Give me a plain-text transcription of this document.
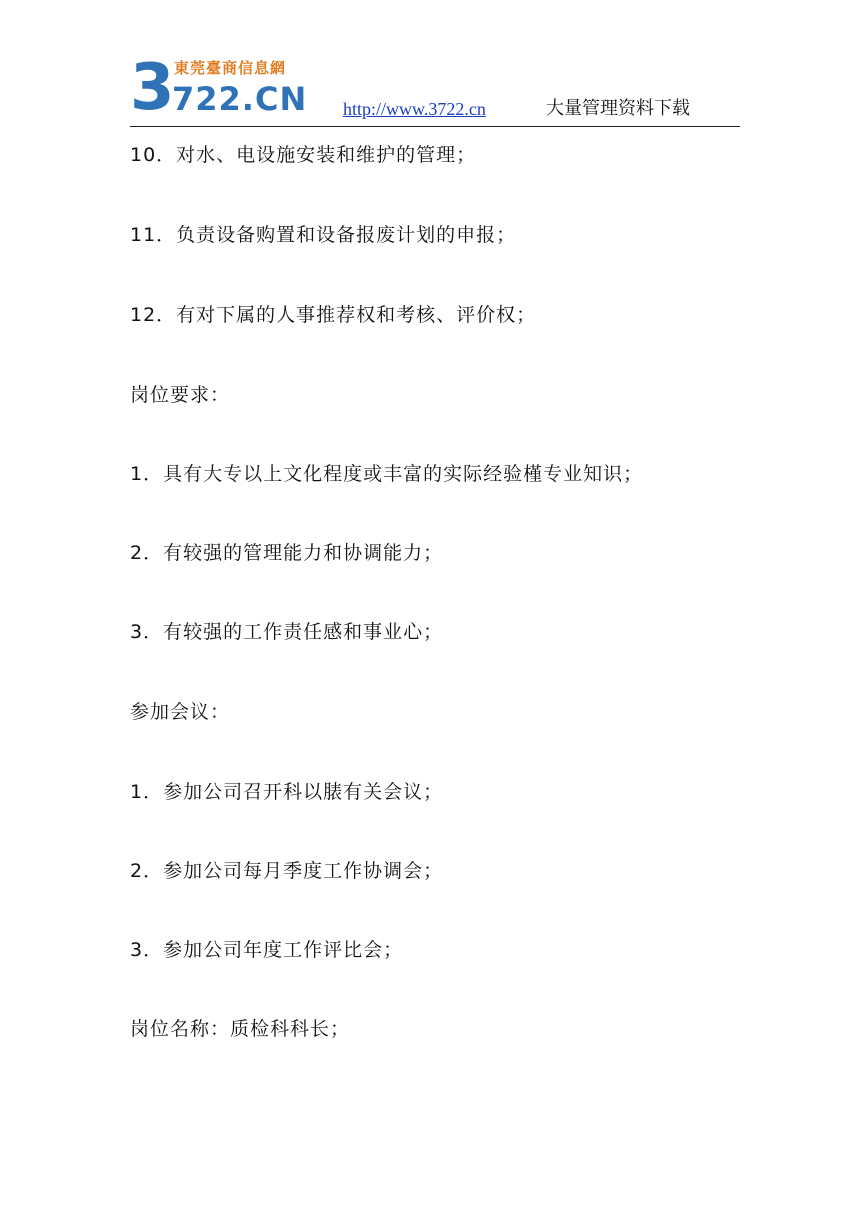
3 東莞臺商信息網
722.CN http://www.3722.cn	大量管理资料下载
10．对水、电设施安装和维护的管理；
11．负责设备购置和设备报废计划的申报；
12．有对下属的人事推荐权和考核、评价权；
岗位要求：
1．具有大专以上文化程度或丰富的实际经验槿专业知识；
2．有较强的管理能力和协调能力；
3．有较强的工作责任感和事业心；
参加会议：
1．参加公司召开科以脿有关会议；
2．参加公司每月季度工作协调会；
3．参加公司年度工作评比会；
岗位名称：质检科科长；
